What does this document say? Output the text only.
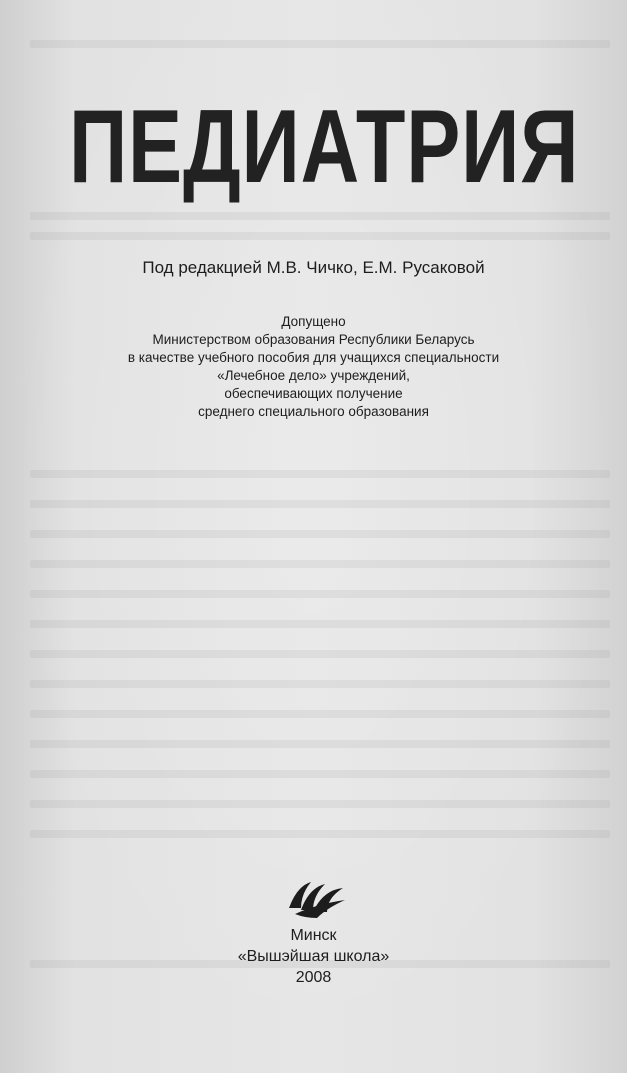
ПЕДИАТРИЯ
Под редакцией М.В. Чичко, Е.М. Русаковой
Допущено
Министерством образования Республики Беларусь
в качестве учебного пособия для учащихся специальности
«Лечебное дело» учреждений,
обеспечивающих получение
среднего специального образования
Минск
«Вышэйшая школа»
2008
